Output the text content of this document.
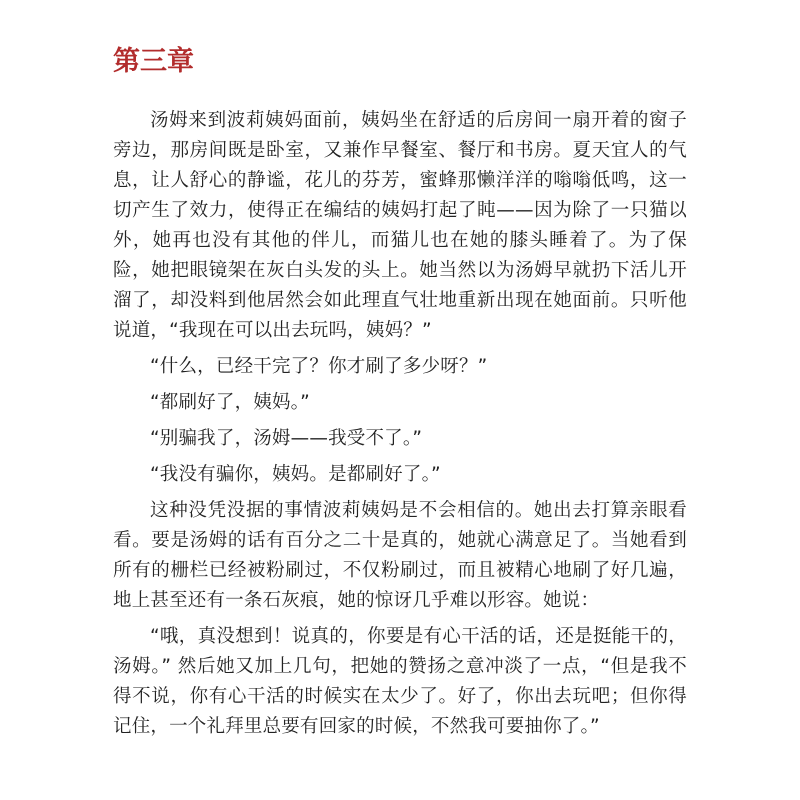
第三章

汤姆来到波莉姨妈面前，姨妈坐在舒适的后房间一扇开着的窗子旁边，那房间既是卧室，又兼作早餐室、餐厅和书房。夏天宜人的气息，让人舒心的静谧，花儿的芬芳，蜜蜂那懒洋洋的嗡嗡低鸣，这一切产生了效力，使得正在编结的姨妈打起了盹——因为除了一只猫以外，她再也没有其他的伴儿，而猫儿也在她的膝头睡着了。为了保险，她把眼镜架在灰白头发的头上。她当然以为汤姆早就扔下活儿开溜了，却没料到他居然会如此理直气壮地重新出现在她面前。只听他说道，“我现在可以出去玩吗，姨妈？”

“什么，已经干完了？你才刷了多少呀？”

“都刷好了，姨妈。”

“别骗我了，汤姆——我受不了。”

“我没有骗你，姨妈。是都刷好了。”

这种没凭没据的事情波莉姨妈是不会相信的。她出去打算亲眼看看。要是汤姆的话有百分之二十是真的，她就心满意足了。当她看到所有的栅栏已经被粉刷过，不仅粉刷过，而且被精心地刷了好几遍，地上甚至还有一条石灰痕，她的惊讶几乎难以形容。她说：

“哦，真没想到！说真的，你要是有心干活的话，还是挺能干的，汤姆。” 然后她又加上几句，把她的赞扬之意冲淡了一点，“但是我不得不说，你有心干活的时候实在太少了。好了，你出去玩吧；但你得记住，一个礼拜里总要有回家的时候，不然我可要抽你了。”
